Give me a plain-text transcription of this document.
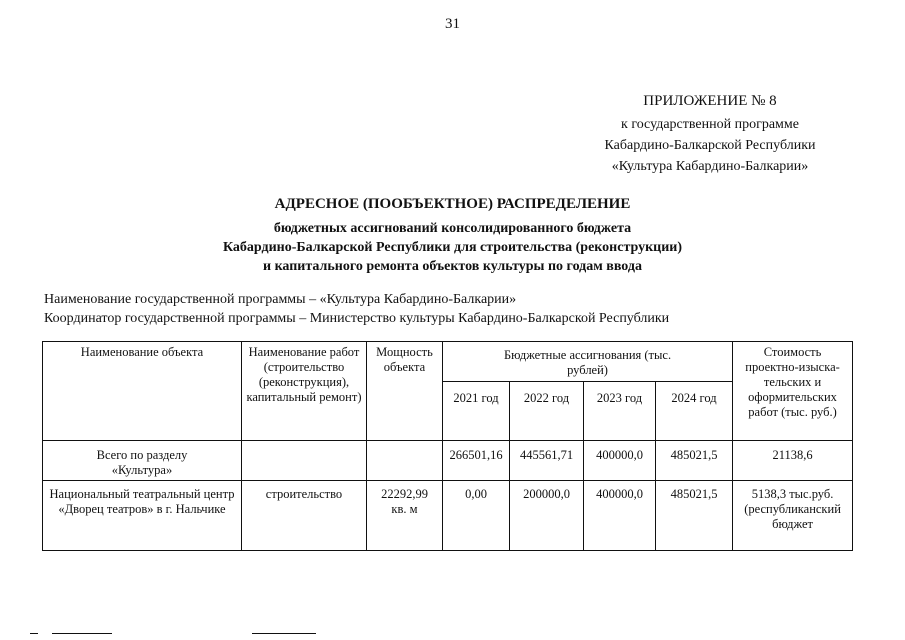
31
ПРИЛОЖЕНИЕ № 8
к государственной программе
Кабардино-Балкарской Республики
«Культура Кабардино-Балкарии»
АДРЕСНОЕ (ПООБЪЕКТНОЕ) РАСПРЕДЕЛЕНИЕ
бюджетных ассигнований консолидированного бюджета
Кабардино-Балкарской Республики для строительства (реконструкции)
и капитального ремонта объектов культуры по годам ввода
Наименование государственной программы – «Культура Кабардино-Балкарии»
Координатор государственной программы – Министерство культуры Кабардино-Балкарской Республики
Наименование объекта	Наименование работ (строительство (реконструкция), капитальный ремонт)	Мощность объекта	Бюджетные ассигнования (тыс. рублей)				Стоимость проектно-изыска-тельских и оформительских работ (тыс. руб.)
			2021 год	2022 год	2023 год	2024 год	
Всего по разделу «Культура»			266501,16	445561,71	400000,0	485021,5	21138,6
Национальный театральный центр «Дворец театров» в г. Нальчике	строительство	22292,99 кв. м	0,00	200000,0	400000,0	485021,5	5138,3 тыс.руб. (республиканский бюджет
